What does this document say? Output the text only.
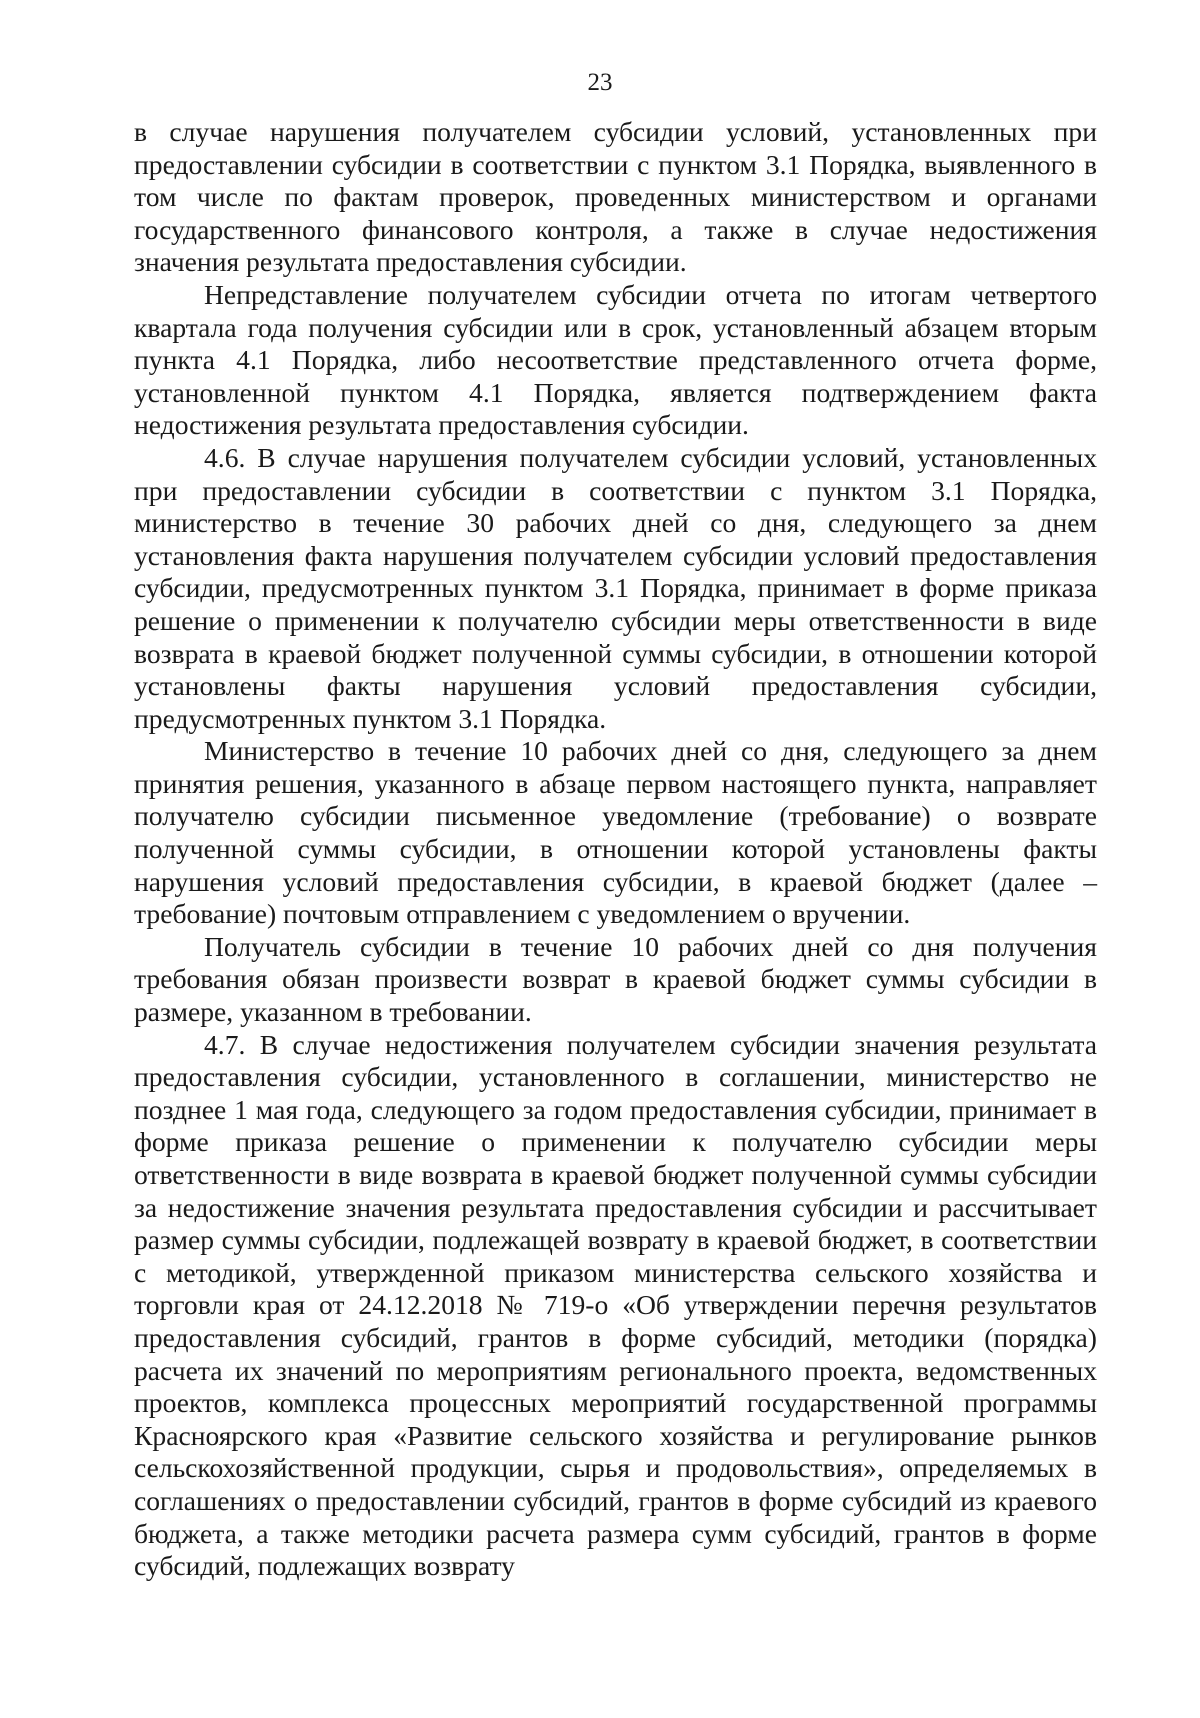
23

в случае нарушения получателем субсидии условий, установленных при предоставлении субсидии в соответствии с пунктом 3.1 Порядка, выявленного в том числе по фактам проверок, проведенных министерством и органами государственного финансового контроля, а также в случае недостижения значения результата предоставления субсидии.

Непредставление получателем субсидии отчета по итогам четвертого квартала года получения субсидии или в срок, установленный абзацем вторым пункта 4.1 Порядка, либо несоответствие представленного отчета форме, установленной пунктом 4.1 Порядка, является подтверждением факта недостижения результата предоставления субсидии.

4.6. В случае нарушения получателем субсидии условий, установленных при предоставлении субсидии в соответствии с пунктом 3.1 Порядка, министерство в течение 30 рабочих дней со дня, следующего за днем установления факта нарушения получателем субсидии условий предоставления субсидии, предусмотренных пунктом 3.1 Порядка, принимает в форме приказа решение о применении к получателю субсидии меры ответственности в виде возврата в краевой бюджет полученной суммы субсидии, в отношении которой установлены факты нарушения условий предоставления субсидии, предусмотренных пунктом 3.1 Порядка.

Министерство в течение 10 рабочих дней со дня, следующего за днем принятия решения, указанного в абзаце первом настоящего пункта, направляет получателю субсидии письменное уведомление (требование) о возврате полученной суммы субсидии, в отношении которой установлены факты нарушения условий предоставления субсидии, в краевой бюджет (далее – требование) почтовым отправлением с уведомлением о вручении.

Получатель субсидии в течение 10 рабочих дней со дня получения требования обязан произвести возврат в краевой бюджет суммы субсидии в размере, указанном в требовании.

4.7. В случае недостижения получателем субсидии значения результата предоставления субсидии, установленного в соглашении, министерство не позднее 1 мая года, следующего за годом предоставления субсидии, принимает в форме приказа решение о применении к получателю субсидии меры ответственности в виде возврата в краевой бюджет полученной суммы субсидии за недостижение значения результата предоставления субсидии и рассчитывает размер суммы субсидии, подлежащей возврату в краевой бюджет, в соответствии с методикой, утвержденной приказом министерства сельского хозяйства и торговли края от 24.12.2018 № 719-о «Об утверждении перечня результатов предоставления субсидий, грантов в форме субсидий, методики (порядка) расчета их значений по мероприятиям регионального проекта, ведомственных проектов, комплекса процессных мероприятий государственной программы Красноярского края «Развитие сельского хозяйства и регулирование рынков сельскохозяйственной продукции, сырья и продовольствия», определяемых в соглашениях о предоставлении субсидий, грантов в форме субсидий из краевого бюджета, а также методики расчета размера сумм субсидий, грантов в форме субсидий, подлежащих возврату
